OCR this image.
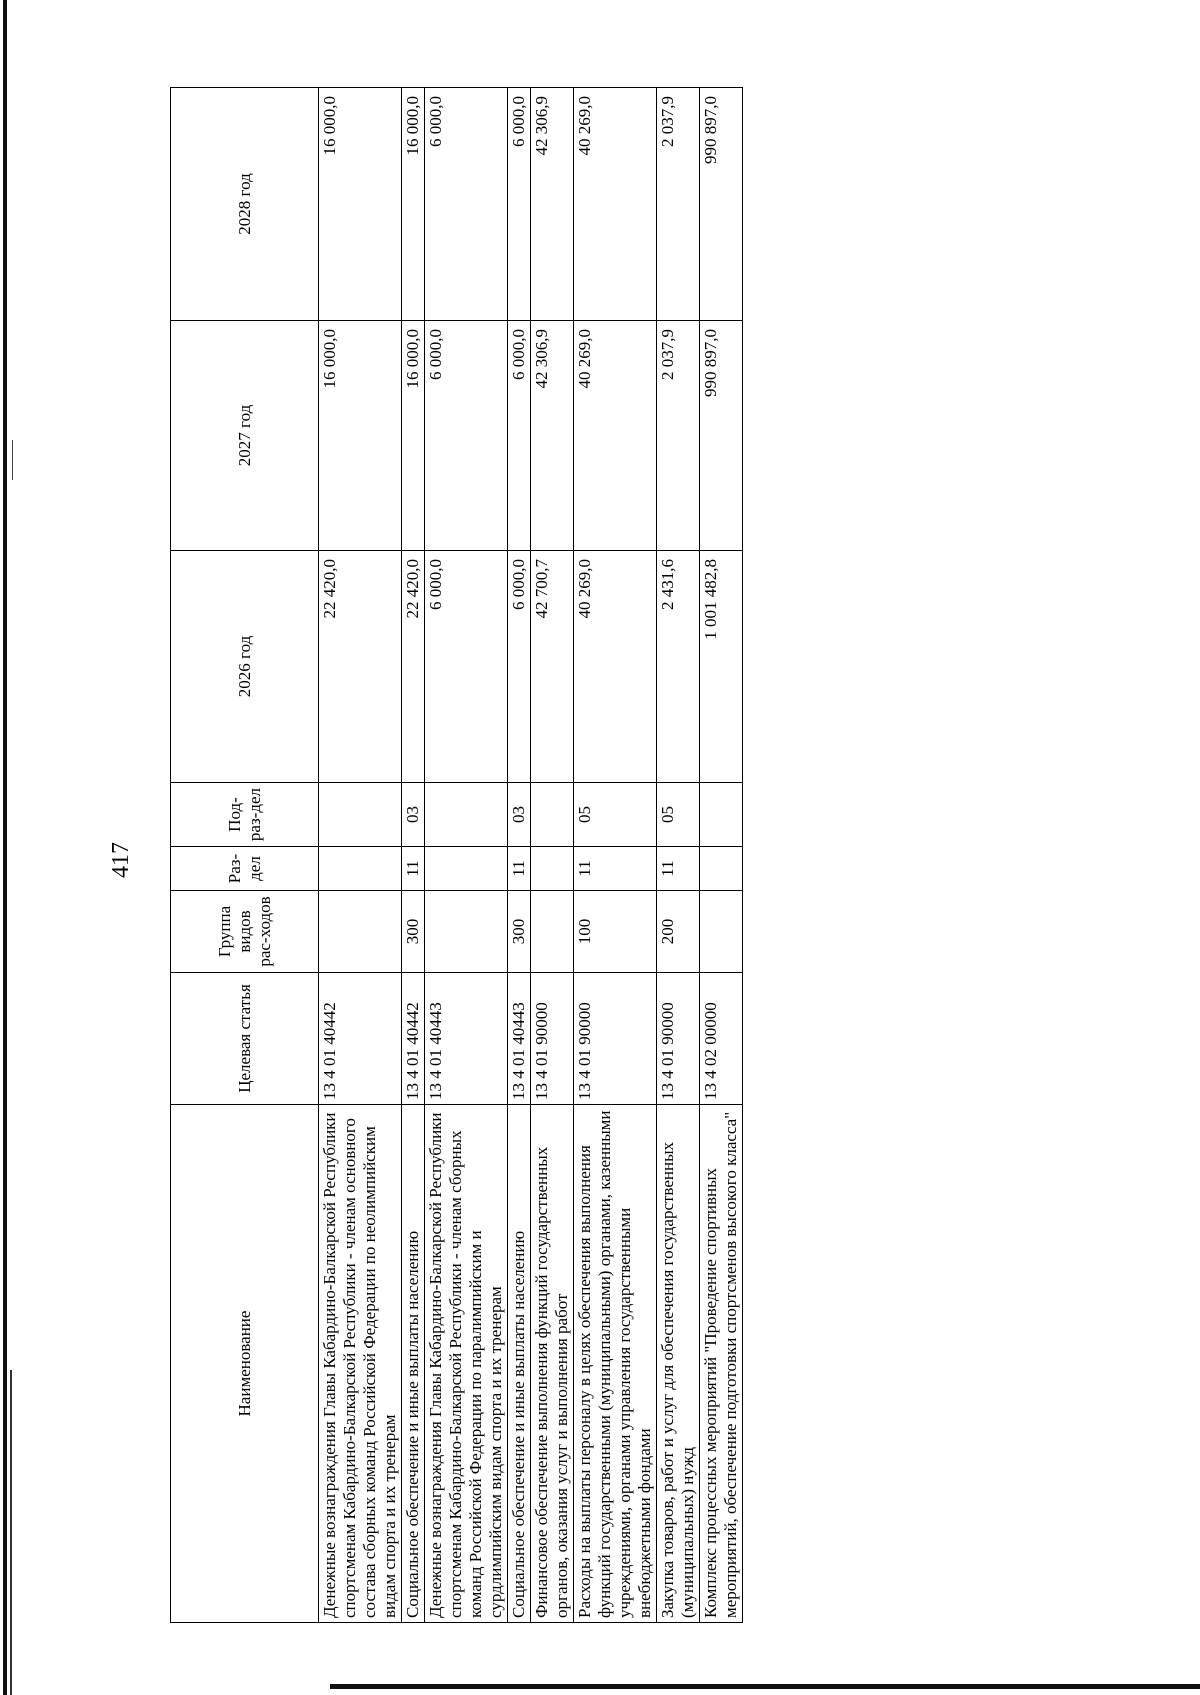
417
Наименование	Целевая статья	Группа видов рас-ходов	Раз-дел	Под-раз-дел	2026 год	2027 год	2028 год
Денежные вознаграждения Главы Кабардино-Балкарской Республики спортсменам Кабардино-Балкарской Республики - членам основного состава сборных команд Российской Федерации по неолимпийским видам спорта и их тренерам	13 4 01 40442				22 420,0	16 000,0	16 000,0
Социальное обеспечение и иные выплаты населению	13 4 01 40442	300	11	03	22 420,0	16 000,0	16 000,0
Денежные вознаграждения Главы Кабардино-Балкарской Республики спортсменам Кабардино-Балкарской Республики - членам сборных команд Российской Федерации по паралимпийским и сурдлимпийским видам спорта и их тренерам	13 4 01 40443				6 000,0	6 000,0	6 000,0
Социальное обеспечение и иные выплаты населению	13 4 01 40443	300	11	03	6 000,0	6 000,0	6 000,0
Финансовое обеспечение выполнения функций государственных органов, оказания услуг и выполнения работ	13 4 01 90000				42 700,7	42 306,9	42 306,9
Расходы на выплаты персоналу в целях обеспечения выполнения функций государственными (муниципальными) органами, казенными учреждениями, органами управления государственными внебюджетными фондами	13 4 01 90000	100	11	05	40 269,0	40 269,0	40 269,0
Закупка товаров, работ и услуг для обеспечения государственных (муниципальных) нужд	13 4 01 90000	200	11	05	2 431,6	2 037,9	2 037,9
Комплекс процессных мероприятий "Проведение спортивных мероприятий, обеспечение подготовки спортсменов высокого класса"	13 4 02 00000				1 001 482,8	990 897,0	990 897,0
